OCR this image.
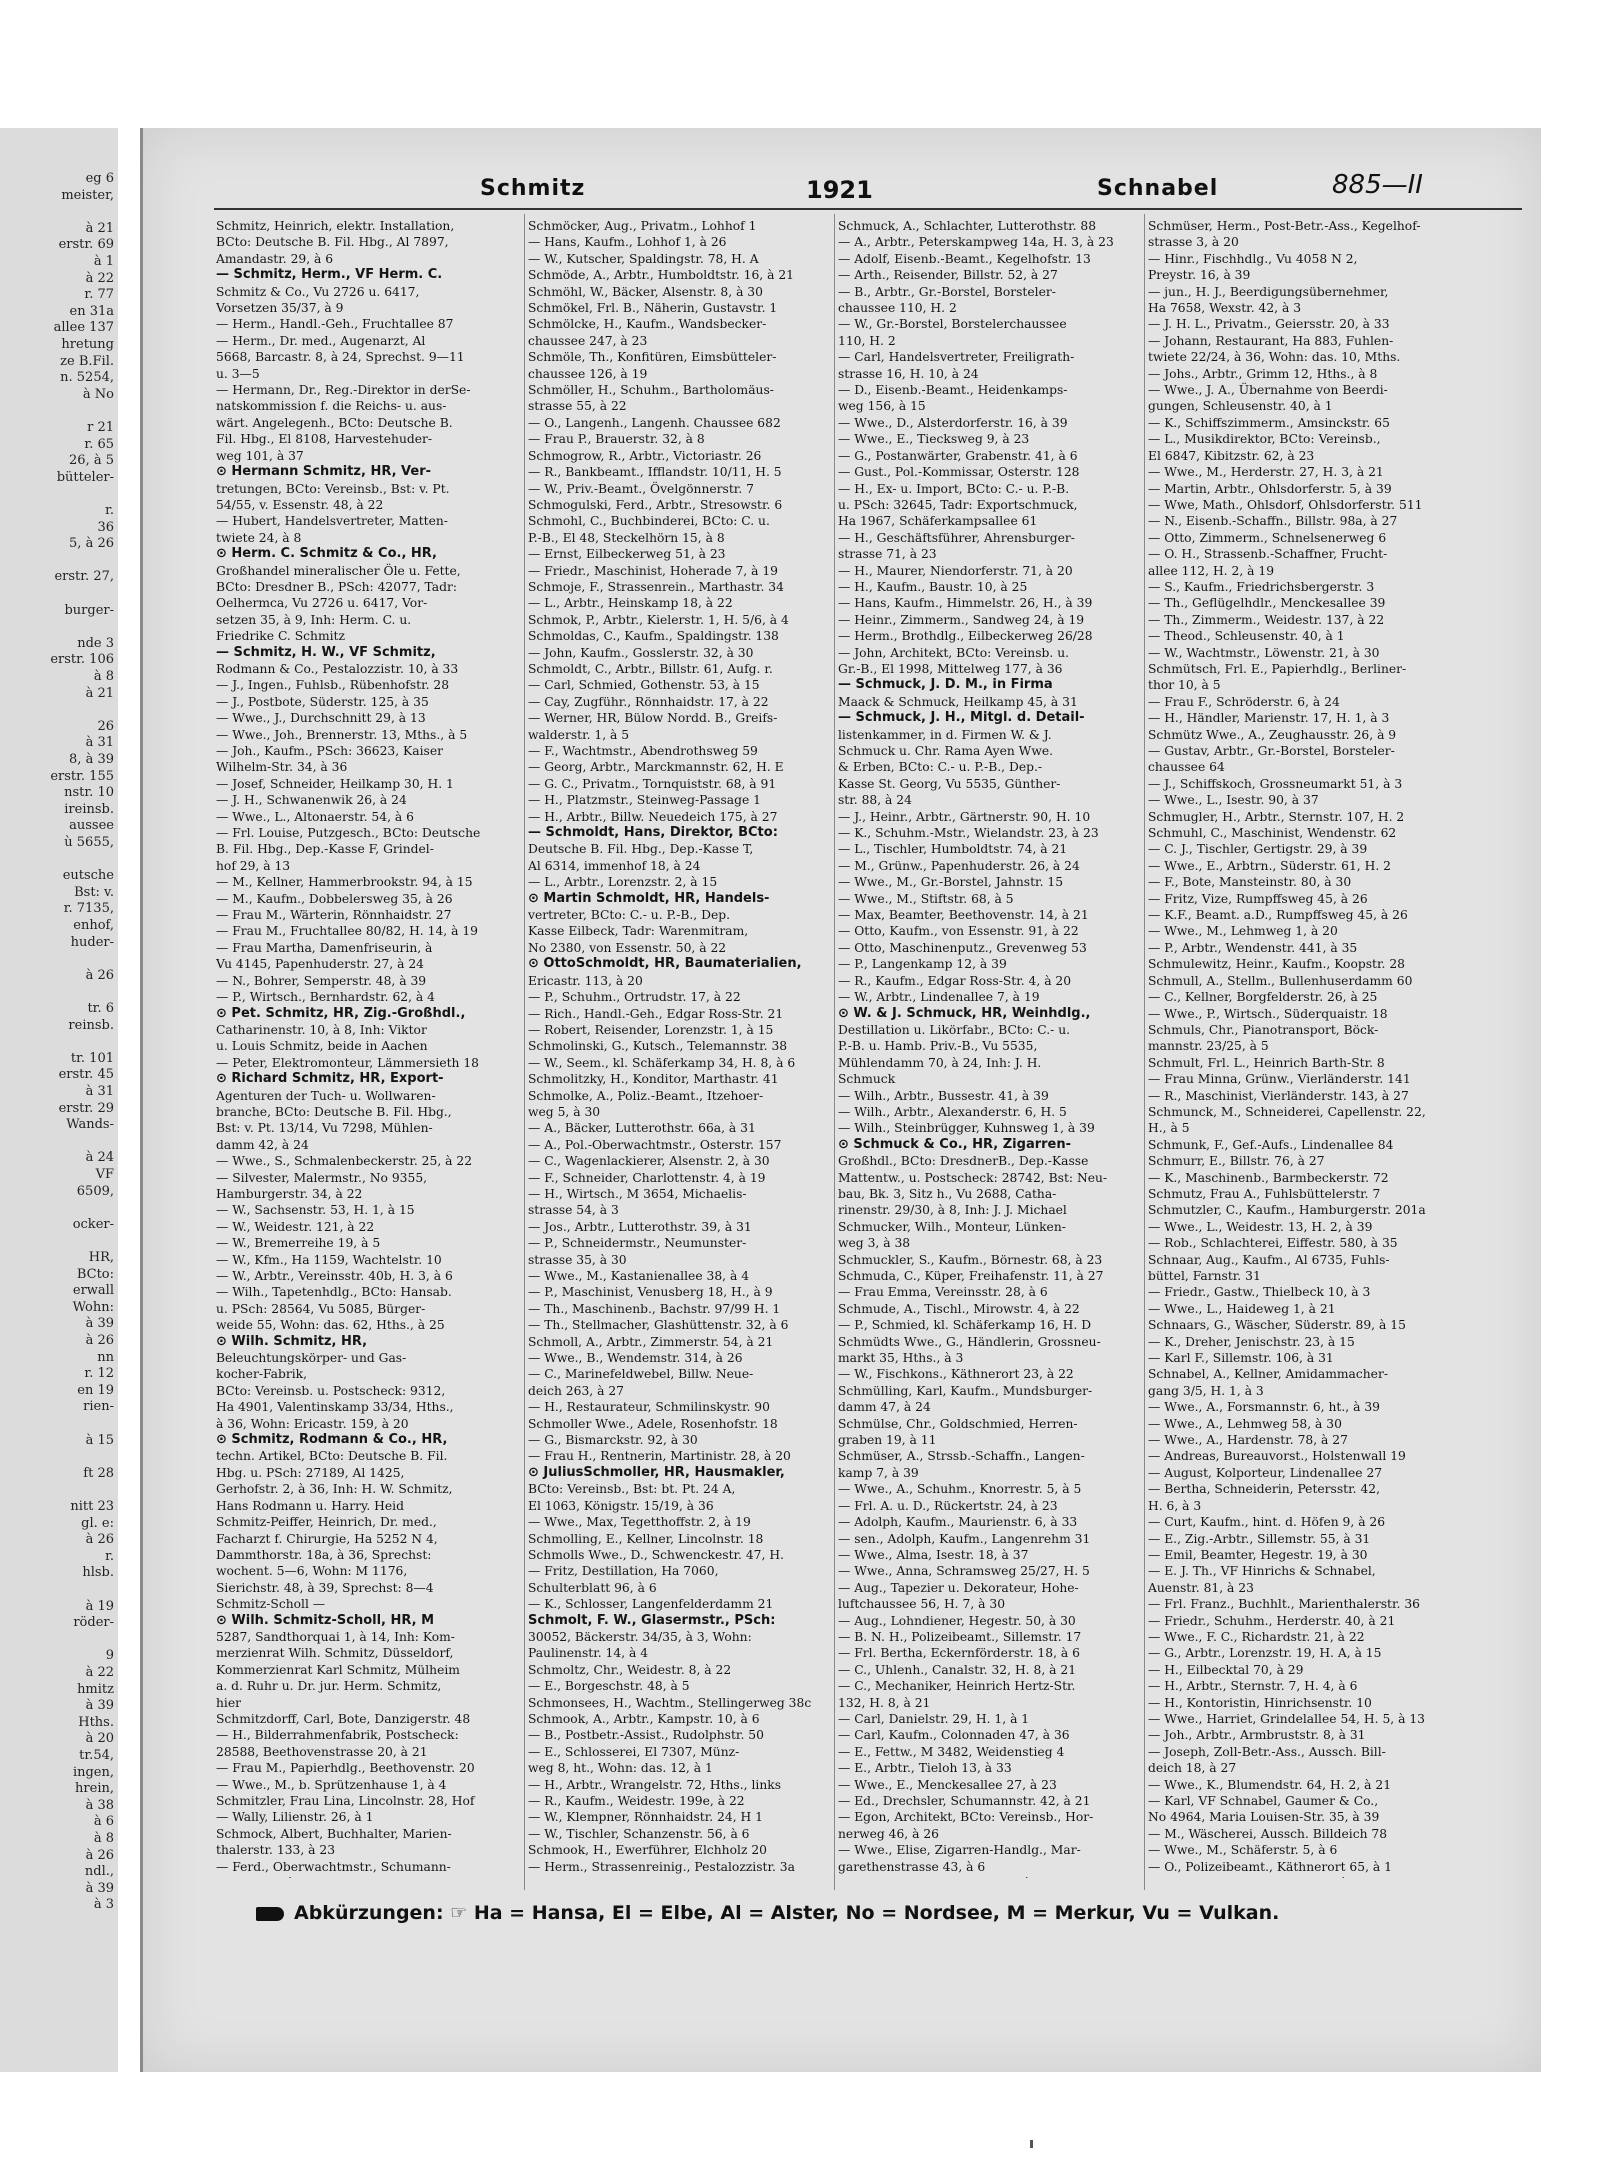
eg 6
meister,
à 21
erstr. 69
à 1
à 22
r. 77
en 31a
allee 137
hretung
ze B.Fil.
n. 5254,
à No
r 21
r. 65
26, à 5
bütteler-
r.
36
5, à 26
erstr. 27,
burger-
nde 3
erstr. 106
à 8
à 21
26
à 31
8, à 39
erstr. 155
nstr. 10
ireinsb.
aussee
ù 5655,
eutsche
Bst: v.
r. 7135,
enhof,
huder-
à 26
tr. 6
reinsb.
tr. 101
erstr. 45
à 31
erstr. 29
Wands-
à 24
VF
6509,
ocker-
HR,
BCto:
erwall
Wohn:
à 39
à 26
nn
r. 12
en 19
rien-
à 15
ft 28
nitt 23
gl. e:
à 26
r.
hlsb.
à 19
röder-
9
à 22
hmitz
à 39
Hths.
à 20
tr.54,
ingen,
hrein,
à 38
à 6
à 8
à 26
ndl.,
à 39
à 3
Schmitz	1921	Schnabel	885—II
Schmitz, Heinrich, elektr. Installation,
BCto: Deutsche B. Fil. Hbg., Al 7897,
Amandastr. 29, à 6
— Schmitz, Herm., VF Herm. C.
Schmitz & Co., Vu 2726 u. 6417,
Vorsetzen 35/37, à 9
— Herm., Handl.-Geh., Fruchtallee 87
— Herm., Dr. med., Augenarzt, Al
5668, Barcastr. 8, à 24, Sprechst. 9—11
u. 3—5
— Hermann, Dr., Reg.-Direktor in derSe-
natskommission f. die Reichs- u. aus-
wärt. Angelegenh., BCto: Deutsche B.
Fil. Hbg., El 8108, Harvestehuder-
weg 101, à 37
⊙ Hermann Schmitz, HR, Ver-
tretungen, BCto: Vereinsb., Bst: v. Pt.
54/55, v. Essenstr. 48, à 22
— Hubert, Handelsvertreter, Matten-
twiete 24, à 8
⊙ Herm. C. Schmitz & Co., HR,
Großhandel mineralischer Öle u. Fette,
BCto: Dresdner B., PSch: 42077, Tadr:
Oelhermca, Vu 2726 u. 6417, Vor-
setzen 35, à 9, Inh: Herm. C. u.
Friedrike C. Schmitz
— Schmitz, H. W., VF Schmitz,
Rodmann & Co., Pestalozzistr. 10, à 33
— J., Ingen., Fuhlsb., Rübenhofstr. 28
— J., Postbote, Süderstr. 125, à 35
— Wwe., J., Durchschnitt 29, à 13
— Wwe., Joh., Brennerstr. 13, Mths., à 5
— Joh., Kaufm., PSch: 36623, Kaiser
Wilhelm-Str. 34, à 36
— Josef, Schneider, Heilkamp 30, H. 1
— J. H., Schwanenwik 26, à 24
— Wwe., L., Altonaerstr. 54, à 6
— Frl. Louise, Putzgesch., BCto: Deutsche
B. Fil. Hbg., Dep.-Kasse F, Grindel-
hof 29, à 13
— M., Kellner, Hammerbrookstr. 94, à 15
— M., Kaufm., Dobbelersweg 35, à 26
— Frau M., Wärterin, Rönnhaidstr. 27
— Frau M., Fruchtallee 80/82, H. 14, à 19
— Frau Martha, Damenfriseurin, à
Vu 4145, Papenhuderstr. 27, à 24
— N., Bohrer, Semperstr. 48, à 39
— P., Wirtsch., Bernhardstr. 62, à 4
⊙ Pet. Schmitz, HR, Zig.-Großhdl.,
Catharinenstr. 10, à 8, Inh: Viktor
u. Louis Schmitz, beide in Aachen
— Peter, Elektromonteur, Lämmersieth 18
⊙ Richard Schmitz, HR, Export-
Agenturen der Tuch- u. Wollwaren-
branche, BCto: Deutsche B. Fil. Hbg.,
Bst: v. Pt. 13/14, Vu 7298, Mühlen-
damm 42, à 24
— Wwe., S., Schmalenbeckerstr. 25, à 22
— Silvester, Malermstr., No 9355,
Hamburgerstr. 34, à 22
— W., Sachsenstr. 53, H. 1, à 15
— W., Weidestr. 121, à 22
— W., Bremerreihe 19, à 5
— W., Kfm., Ha 1159, Wachtelstr. 10
— W., Arbtr., Vereinsstr. 40b, H. 3, à 6
— Wilh., Tapetenhdlg., BCto: Hansab.
u. PSch: 28564, Vu 5085, Bürger-
weide 55, Wohn: das. 62, Hths., à 25
⊙ Wilh. Schmitz, HR,
Beleuchtungskörper- und Gas-
kocher-Fabrik,
BCto: Vereinsb. u. Postscheck: 9312,
Ha 4901, Valentinskamp 33/34, Hths.,
à 36, Wohn: Ericastr. 159, à 20
⊙ Schmitz, Rodmann & Co., HR,
techn. Artikel, BCto: Deutsche B. Fil.
Hbg. u. PSch: 27189, Al 1425,
Gerhofstr. 2, à 36, Inh: H. W. Schmitz,
Hans Rodmann u. Harry. Heid
Schmitz-Peiffer, Heinrich, Dr. med.,
Facharzt f. Chirurgie, Ha 5252 N 4,
Dammthorstr. 18a, à 36, Sprechst:
wochent. 5—6, Wohn: M 1176,
Sierichstr. 48, à 39, Sprechst: 8—4
Schmitz-Scholl —
⊙ Wilh. Schmitz-Scholl, HR, M
5287, Sandthorquai 1, à 14, Inh: Kom-
merzienrat Wilh. Schmitz, Düsseldorf,
Kommerzienrat Karl Schmitz, Mülheim
a. d. Ruhr u. Dr. jur. Herm. Schmitz,
hier
Schmitzdorff, Carl, Bote, Danzigerstr. 48
— H., Bilderrahmenfabrik, Postscheck:
28588, Beethovenstrasse 20, à 21
— Frau M., Papierhdlg., Beethovenstr. 20
— Wwe., M., b. Sprützenhause 1, à 4
Schmitzler, Frau Lina, Lincolnstr. 28, Hof
— Wally, Lilienstr. 26, à 1
Schmock, Albert, Buchhalter, Marien-
thalerstr. 133, à 23
— Ferd., Oberwachtmstr., Schumann-
Schmöcker, Aug., Privatm., Lohhof 1
— Hans, Kaufm., Lohhof 1, à 26
— W., Kutscher, Spaldingstr. 78, H. A
Schmöde, A., Arbtr., Humboldtstr. 16, à 21
Schmöhl, W., Bäcker, Alsenstr. 8, à 30
Schmökel, Frl. B., Näherin, Gustavstr. 1
Schmölcke, H., Kaufm., Wandsbecker-
chaussee 247, à 23
Schmöle, Th., Konfitüren, Eimsbütteler-
chaussee 126, à 19
Schmöller, H., Schuhm., Bartholomäus-
strasse 55, à 22
— O., Langenh., Langenh. Chaussee 682
— Frau P., Brauerstr. 32, à 8
Schmogrow, R., Arbtr., Victoriastr. 26
— R., Bankbeamt., Ifflandstr. 10/11, H. 5
— W., Priv.-Beamt., Övelgönnerstr. 7
Schmogulski, Ferd., Arbtr., Stresowstr. 6
Schmohl, C., Buchbinderei, BCto: C. u.
P.-B., El 48, Steckelhörn 15, à 8
— Ernst, Eilbeckerweg 51, à 23
— Friedr., Maschinist, Hoherade 7, à 19
Schmoje, F., Strassenrein., Marthastr. 34
— L., Arbtr., Heinskamp 18, à 22
Schmok, P., Arbtr., Kielerstr. 1, H. 5/6, à 4
Schmoldas, C., Kaufm., Spaldingstr. 138
— John, Kaufm., Gosslerstr. 32, à 30
Schmoldt, C., Arbtr., Billstr. 61, Aufg. r.
— Carl, Schmied, Gothenstr. 53, à 15
— Cay, Zugführ., Rönnhaidstr. 17, à 22
— Werner, HR, Bülow Nordd. B., Greifs-
walderstr. 1, à 5
— F., Wachtmstr., Abendrothsweg 59
— Georg, Arbtr., Marckmannstr. 62, H. E
— G. C., Privatm., Tornquiststr. 68, à 91
— H., Platzmstr., Steinweg-Passage 1
— H., Arbtr., Billw. Neuedeich 175, à 27
— Schmoldt, Hans, Direktor, BCto:
Deutsche B. Fil. Hbg., Dep.-Kasse T,
Al 6314, immenhof 18, à 24
— L., Arbtr., Lorenzstr. 2, à 15
⊙ Martin Schmoldt, HR, Handels-
vertreter, BCto: C.- u. P.-B., Dep.
Kasse Eilbeck, Tadr: Warenmitram,
No 2380, von Essenstr. 50, à 22
⊙ OttoSchmoldt, HR, Baumaterialien,
Ericastr. 113, à 20
— P., Schuhm., Ortrudstr. 17, à 22
— Rich., Handl.-Geh., Edgar Ross-Str. 21
— Robert, Reisender, Lorenzstr. 1, à 15
Schmolinski, G., Kutsch., Telemannstr. 38
— W., Seem., kl. Schäferkamp 34, H. 8, à 6
Schmolitzky, H., Konditor, Marthastr. 41
Schmolke, A., Poliz.-Beamt., Itzehoer-
weg 5, à 30
— A., Bäcker, Lutterothstr. 66a, à 31
— A., Pol.-Oberwachtmstr., Osterstr. 157
— C., Wagenlackierer, Alsenstr. 2, à 30
— F., Schneider, Charlottenstr. 4, à 19
— H., Wirtsch., M 3654, Michaelis-
strasse 54, à 3
— Jos., Arbtr., Lutterothstr. 39, à 31
— P., Schneidermstr., Neumunster-
strasse 35, à 30
— Wwe., M., Kastanienallee 38, à 4
— P., Maschinist, Venusberg 18, H., à 9
— Th., Maschinenb., Bachstr. 97/99 H. 1
— Th., Stellmacher, Glashüttenstr. 32, à 6
Schmoll, A., Arbtr., Zimmerstr. 54, à 21
— Wwe., B., Wendemstr. 314, à 26
— C., Marinefeldwebel, Billw. Neue-
deich 263, à 27
— H., Restaurateur, Schmilinskystr. 90
Schmoller Wwe., Adele, Rosenhofstr. 18
— G., Bismarckstr. 92, à 30
— Frau H., Rentnerin, Martinistr. 28, à 20
⊙ JuliusSchmoller, HR, Hausmakler,
BCto: Vereinsb., Bst: bt. Pt. 24 A,
El 1063, Königstr. 15/19, à 36
— Wwe., Max, Tegetthoffstr. 2, à 19
Schmolling, E., Kellner, Lincolnstr. 18
Schmolls Wwe., D., Schwenckestr. 47, H.
— Fritz, Destillation, Ha 7060,
Schulterblatt 96, à 6
— K., Schlosser, Langenfelderdamm 21
Schmolt, F. W., Glasermstr., PSch:
30052, Bäckerstr. 34/35, à 3, Wohn:
Paulinenstr. 14, à 4
Schmoltz, Chr., Weidestr. 8, à 22
— E., Borgeschstr. 48, à 5
Schmonsees, H., Wachtm., Stellingerweg 38c
Schmook, A., Arbtr., Kampstr. 10, à 6
— B., Postbetr.-Assist., Rudolphstr. 50
— E., Schlosserei, El 7307, Münz-
weg 8, ht., Wohn: das. 12, à 1
— H., Arbtr., Wrangelstr. 72, Hths., links
— R., Kaufm., Weidestr. 199e, à 22
— W., Klempner, Rönnhaidstr. 24, H 1
— W., Tischler, Schanzenstr. 56, à 6
Schmook, H., Ewerführer, Elchholz 20
— Herm., Strassenreinig., Pestalozzistr. 3a
Schmuck, A., Schlachter, Lutterothstr. 88
— A., Arbtr., Peterskampweg 14a, H. 3, à 23
— Adolf, Eisenb.-Beamt., Kegelhofstr. 13
— Arth., Reisender, Billstr. 52, à 27
— B., Arbtr., Gr.-Borstel, Borsteler-
chaussee 110, H. 2
— W., Gr.-Borstel, Borstelerchaussee
110, H. 2
— Carl, Handelsvertreter, Freiligrath-
strasse 16, H. 10, à 24
— D., Eisenb.-Beamt., Heidenkamps-
weg 156, à 15
— Wwe., D., Alsterdorferstr. 16, à 39
— Wwe., E., Tiecksweg 9, à 23
— G., Postanwärter, Grabenstr. 41, à 6
— Gust., Pol.-Kommissar, Osterstr. 128
— H., Ex- u. Import, BCto: C.- u. P.-B.
u. PSch: 32645, Tadr: Exportschmuck,
Ha 1967, Schäferkampsallee 61
— H., Geschäftsführer, Ahrensburger-
strasse 71, à 23
— H., Maurer, Niendorferstr. 71, à 20
— H., Kaufm., Baustr. 10, à 25
— Hans, Kaufm., Himmelstr. 26, H., à 39
— Heinr., Zimmerm., Sandweg 24, à 19
— Herm., Brothdlg., Eilbeckerweg 26/28
— John, Architekt, BCto: Vereinsb. u.
Gr.-B., El 1998, Mittelweg 177, à 36
— Schmuck, J. D. M., in Firma
Maack & Schmuck, Heilkamp 45, à 31
— Schmuck, J. H., Mitgl. d. Detail-
listenkammer, in d. Firmen W. & J.
Schmuck u. Chr. Rama Ayen Wwe.
& Erben, BCto: C.- u. P.-B., Dep.-
Kasse St. Georg, Vu 5535, Günther-
str. 88, à 24
— J., Heinr., Arbtr., Gärtnerstr. 90, H. 10
— K., Schuhm.-Mstr., Wielandstr. 23, à 23
— L., Tischler, Humboldtstr. 74, à 21
— M., Grünw., Papenhuderstr. 26, à 24
— Wwe., M., Gr.-Borstel, Jahnstr. 15
— Wwe., M., Stiftstr. 68, à 5
— Max, Beamter, Beethovenstr. 14, à 21
— Otto, Kaufm., von Essenstr. 91, à 22
— Otto, Maschinenputz., Grevenweg 53
— P., Langenkamp 12, à 39
— R., Kaufm., Edgar Ross-Str. 4, à 20
— W., Arbtr., Lindenallee 7, à 19
⊙ W. & J. Schmuck, HR, Weinhdlg.,
Destillation u. Likörfabr., BCto: C.- u.
P.-B. u. Hamb. Priv.-B., Vu 5535,
Mühlendamm 70, à 24, Inh: J. H.
Schmuck
— Wilh., Arbtr., Bussestr. 41, à 39
— Wilh., Arbtr., Alexanderstr. 6, H. 5
— Wilh., Steinbrügger, Kuhnsweg 1, à 39
⊙ Schmuck & Co., HR, Zigarren-
Großhdl., BCto: DresdnerB., Dep.-Kasse
Mattentw., u. Postscheck: 28742, Bst: Neu-
bau, Bk. 3, Sitz h., Vu 2688, Catha-
rinenstr. 29/30, à 8, Inh: J. J. Michael
Schmucker, Wilh., Monteur, Lünken-
weg 3, à 38
Schmuckler, S., Kaufm., Börnestr. 68, à 23
Schmuda, C., Küper, Freihafenstr. 11, à 27
— Frau Emma, Vereinsstr. 28, à 6
Schmude, A., Tischl., Mirowstr. 4, à 22
— P., Schmied, kl. Schäferkamp 16, H. D
Schmüdts Wwe., G., Händlerin, Grossneu-
markt 35, Hths., à 3
— W., Fischkons., Käthnerort 23, à 22
Schmülling, Karl, Kaufm., Mundsburger-
damm 47, à 24
Schmülse, Chr., Goldschmied, Herren-
graben 19, à 11
Schmüser, A., Strssb.-Schaffn., Langen-
kamp 7, à 39
— Wwe., A., Schuhm., Knorrestr. 5, à 5
— Frl. A. u. D., Rückertstr. 24, à 23
— Adolph, Kaufm., Maurienstr. 6, à 33
— sen., Adolph, Kaufm., Langenrehm 31
— Wwe., Alma, Isestr. 18, à 37
— Wwe., Anna, Schramsweg 25/27, H. 5
— Aug., Tapezier u. Dekorateur, Hohe-
luftchaussee 56, H. 7, à 30
— Aug., Lohndiener, Hegestr. 50, à 30
— B. N. H., Polizeibeamt., Sillemstr. 17
— Frl. Bertha, Eckernförderstr. 18, à 6
— C., Uhlenh., Canalstr. 32, H. 8, à 21
— C., Mechaniker, Heinrich Hertz-Str.
132, H. 8, à 21
— Carl, Danielstr. 29, H. 1, à 1
— Carl, Kaufm., Colonnaden 47, à 36
— E., Fettw., M 3482, Weidenstieg 4
— E., Arbtr., Tieloh 13, à 33
— Wwe., E., Menckesallee 27, à 23
— Ed., Drechsler, Schumannstr. 42, à 21
— Egon, Architekt, BCto: Vereinsb., Hor-
nerweg 46, à 26
— Wwe., Elise, Zigarren-Handlg., Mar-
garethenstrasse 43, à 6
Schmüser, Herm., Post-Betr.-Ass., Kegelhof-
strasse 3, à 20
— Hinr., Fischhdlg., Vu 4058 N 2,
Preystr. 16, à 39
— jun., H. J., Beerdigungsübernehmer,
Ha 7658, Wexstr. 42, à 3
— J. H. L., Privatm., Geiersstr. 20, à 33
— Johann, Restaurant, Ha 883, Fuhlen-
twiete 22/24, à 36, Wohn: das. 10, Mths.
— Johs., Arbtr., Grimm 12, Hths., à 8
— Wwe., J. A., Übernahme von Beerdi-
gungen, Schleusenstr. 40, à 1
— K., Schiffszimmerm., Amsinckstr. 65
— L., Musikdirektor, BCto: Vereinsb.,
El 6847, Kibitzstr. 62, à 23
— Wwe., M., Herderstr. 27, H. 3, à 21
— Martin, Arbtr., Ohlsdorferstr. 5, à 39
— Wwe, Math., Ohlsdorf, Ohlsdorferstr. 511
— N., Eisenb.-Schaffn., Billstr. 98a, à 27
— Otto, Zimmerm., Schnelsenerweg 6
— O. H., Strassenb.-Schaffner, Frucht-
allee 112, H. 2, à 19
— S., Kaufm., Friedrichsbergerstr. 3
— Th., Geflügelhdlr., Menckesallee 39
— Th., Zimmerm., Weidestr. 137, à 22
— Theod., Schleusenstr. 40, à 1
— W., Wachtmstr., Löwenstr. 21, à 30
Schmütsch, Frl. E., Papierhdlg., Berliner-
thor 10, à 5
— Frau F., Schröderstr. 6, à 24
— H., Händler, Marienstr. 17, H. 1, à 3
Schmütz Wwe., A., Zeughausstr. 26, à 9
— Gustav, Arbtr., Gr.-Borstel, Borsteler-
chaussee 64
— J., Schiffskoch, Grossneumarkt 51, à 3
— Wwe., L., Isestr. 90, à 37
Schmugler, H., Arbtr., Sternstr. 107, H. 2
Schmuhl, C., Maschinist, Wendenstr. 62
— C. J., Tischler, Gertigstr. 29, à 39
— Wwe., E., Arbtrn., Süderstr. 61, H. 2
— F., Bote, Mansteinstr. 80, à 30
— Fritz, Vize, Rumpffsweg 45, à 26
— K.F., Beamt. a.D., Rumpffsweg 45, à 26
— Wwe., M., Lehmweg 1, à 20
— P., Arbtr., Wendenstr. 441, à 35
Schmulewitz, Heinr., Kaufm., Koopstr. 28
Schmull, A., Stellm., Bullenhuserdamm 60
— C., Kellner, Borgfelderstr. 26, à 25
— Wwe., P., Wirtsch., Süderquaistr. 18
Schmuls, Chr., Pianotransport, Böck-
mannstr. 23/25, à 5
Schmult, Frl. L., Heinrich Barth-Str. 8
— Frau Minna, Grünw., Vierländerstr. 141
— R., Maschinist, Vierländerstr. 143, à 27
Schmunck, M., Schneiderei, Capellenstr. 22,
H., à 5
Schmunk, F., Gef.-Aufs., Lindenallee 84
Schmurr, E., Billstr. 76, à 27
— K., Maschinenb., Barmbeckerstr. 72
Schmutz, Frau A., Fuhlsbüttelerstr. 7
Schmutzler, C., Kaufm., Hamburgerstr. 201a
— Wwe., L., Weidestr. 13, H. 2, à 39
— Rob., Schlachterei, Eiffestr. 580, à 35
Schnaar, Aug., Kaufm., Al 6735, Fuhls-
büttel, Farnstr. 31
— Friedr., Gastw., Thielbeck 10, à 3
— Wwe., L., Haideweg 1, à 21
Schnaars, G., Wäscher, Süderstr. 89, à 15
— K., Dreher, Jenischstr. 23, à 15
— Karl F., Sillemstr. 106, à 31
Schnabel, A., Kellner, Amidammacher-
gang 3/5, H. 1, à 3
— Wwe., A., Forsmannstr. 6, ht., à 39
— Wwe., A., Lehmweg 58, à 30
— Wwe., A., Hardenstr. 78, à 27
— Andreas, Bureauvorst., Holstenwall 19
— August, Kolporteur, Lindenallee 27
— Bertha, Schneiderin, Petersstr. 42,
H. 6, à 3
— Curt, Kaufm., hint. d. Höfen 9, à 26
— E., Zig.-Arbtr., Sillemstr. 55, à 31
— Emil, Beamter, Hegestr. 19, à 30
— E. J. Th., VF Hinrichs & Schnabel,
Auenstr. 81, à 23
— Frl. Franz., Buchhlt., Marienthalerstr. 36
— Friedr., Schuhm., Herderstr. 40, à 21
— Wwe., F. C., Richardstr. 21, à 22
— G., Arbtr., Lorenzstr. 19, H. A, à 15
— H., Eilbecktal 70, à 29
— H., Arbtr., Sternstr. 7, H. 4, à 6
— H., Kontoristin, Hinrichsenstr. 10
— Wwe., Harriet, Grindelallee 54, H. 5, à 13
— Joh., Arbtr., Armbruststr. 8, à 31
— Joseph, Zoll-Betr.-Ass., Aussch. Bill-
deich 18, à 27
— Wwe., K., Blumendstr. 64, H. 2, à 21
— Karl, VF Schnabel, Gaumer & Co.,
No 4964, Maria Louisen-Str. 35, à 39
— M., Wäscherei, Aussch. Billdeich 78
— Wwe., M., Schäferstr. 5, à 6
— O., Polizeibeamt., Käthnerort 65, à 1
Abkürzungen: ☞ Ha = Hansa, El = Elbe, Al = Alster, No = Nordsee, M = Merkur, Vu = Vulkan.
